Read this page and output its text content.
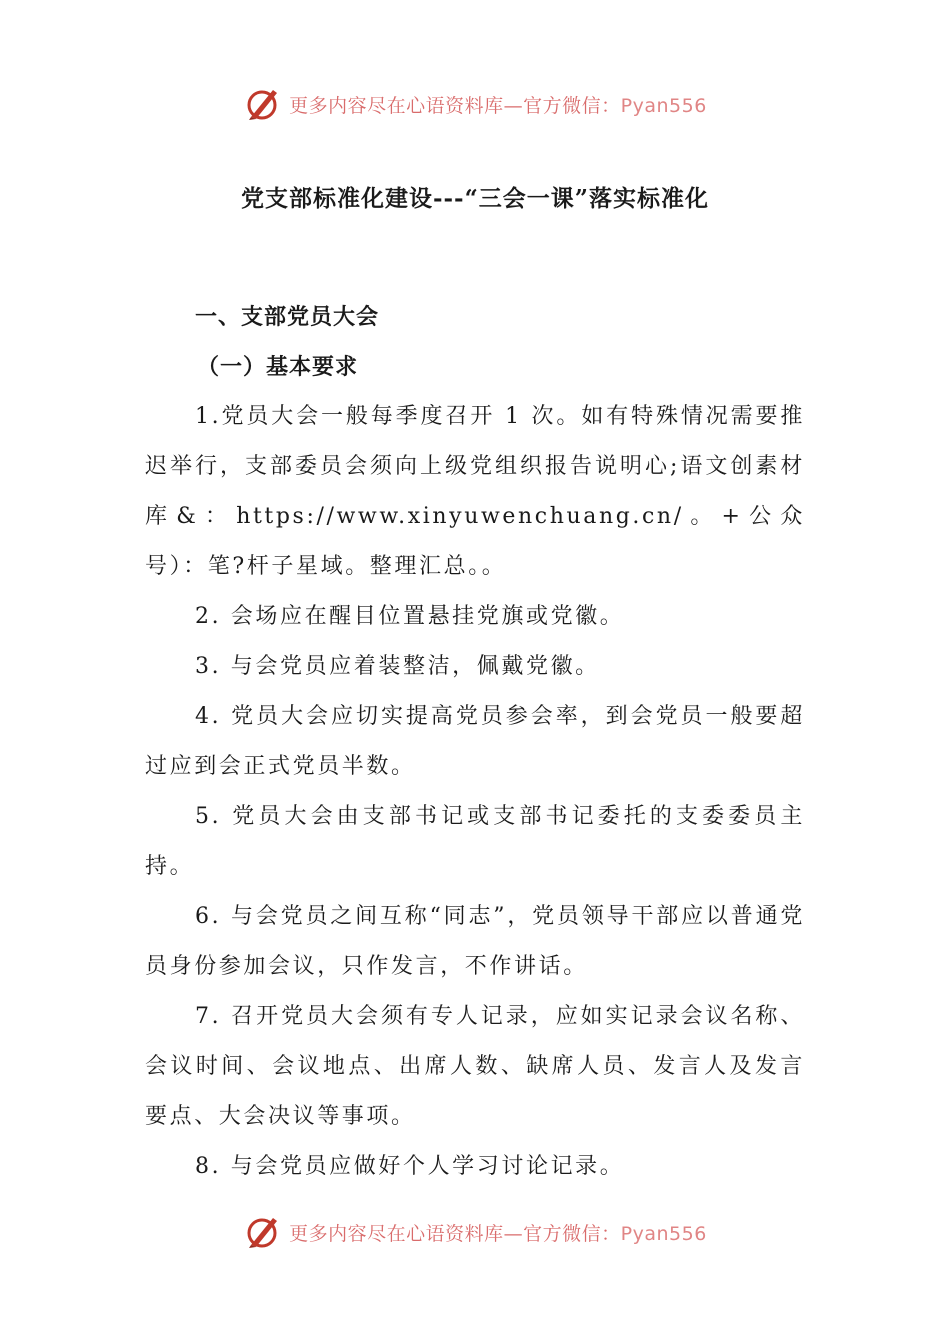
更多内容尽在心语资料库—官方微信：Pyan556
党支部标准化建设---“三会一课”落实标准化

一、支部党员大会

（一）基本要求

1.党员大会一般每季度召开 1 次。如有特殊情况需要推迟举行，支部委员会须向上级党组织报告说明心;语文创素材库&：https://www.xinyuwenchuang.cn/。+公众号）：笔?杆子星域。整理汇总。。

2. 会场应在醒目位置悬挂党旗或党徽。

3. 与会党员应着装整洁，佩戴党徽。

4. 党员大会应切实提高党员参会率，到会党员一般要超过应到会正式党员半数。

5. 党员大会由支部书记或支部书记委托的支委委员主持。

6. 与会党员之间互称“同志”，党员领导干部应以普通党员身份参加会议，只作发言，不作讲话。

7. 召开党员大会须有专人记录，应如实记录会议名称、会议时间、会议地点、出席人数、缺席人员、发言人及发言要点、大会决议等事项。

8. 与会党员应做好个人学习讨论记录。

更多内容尽在心语资料库—官方微信：Pyan556
